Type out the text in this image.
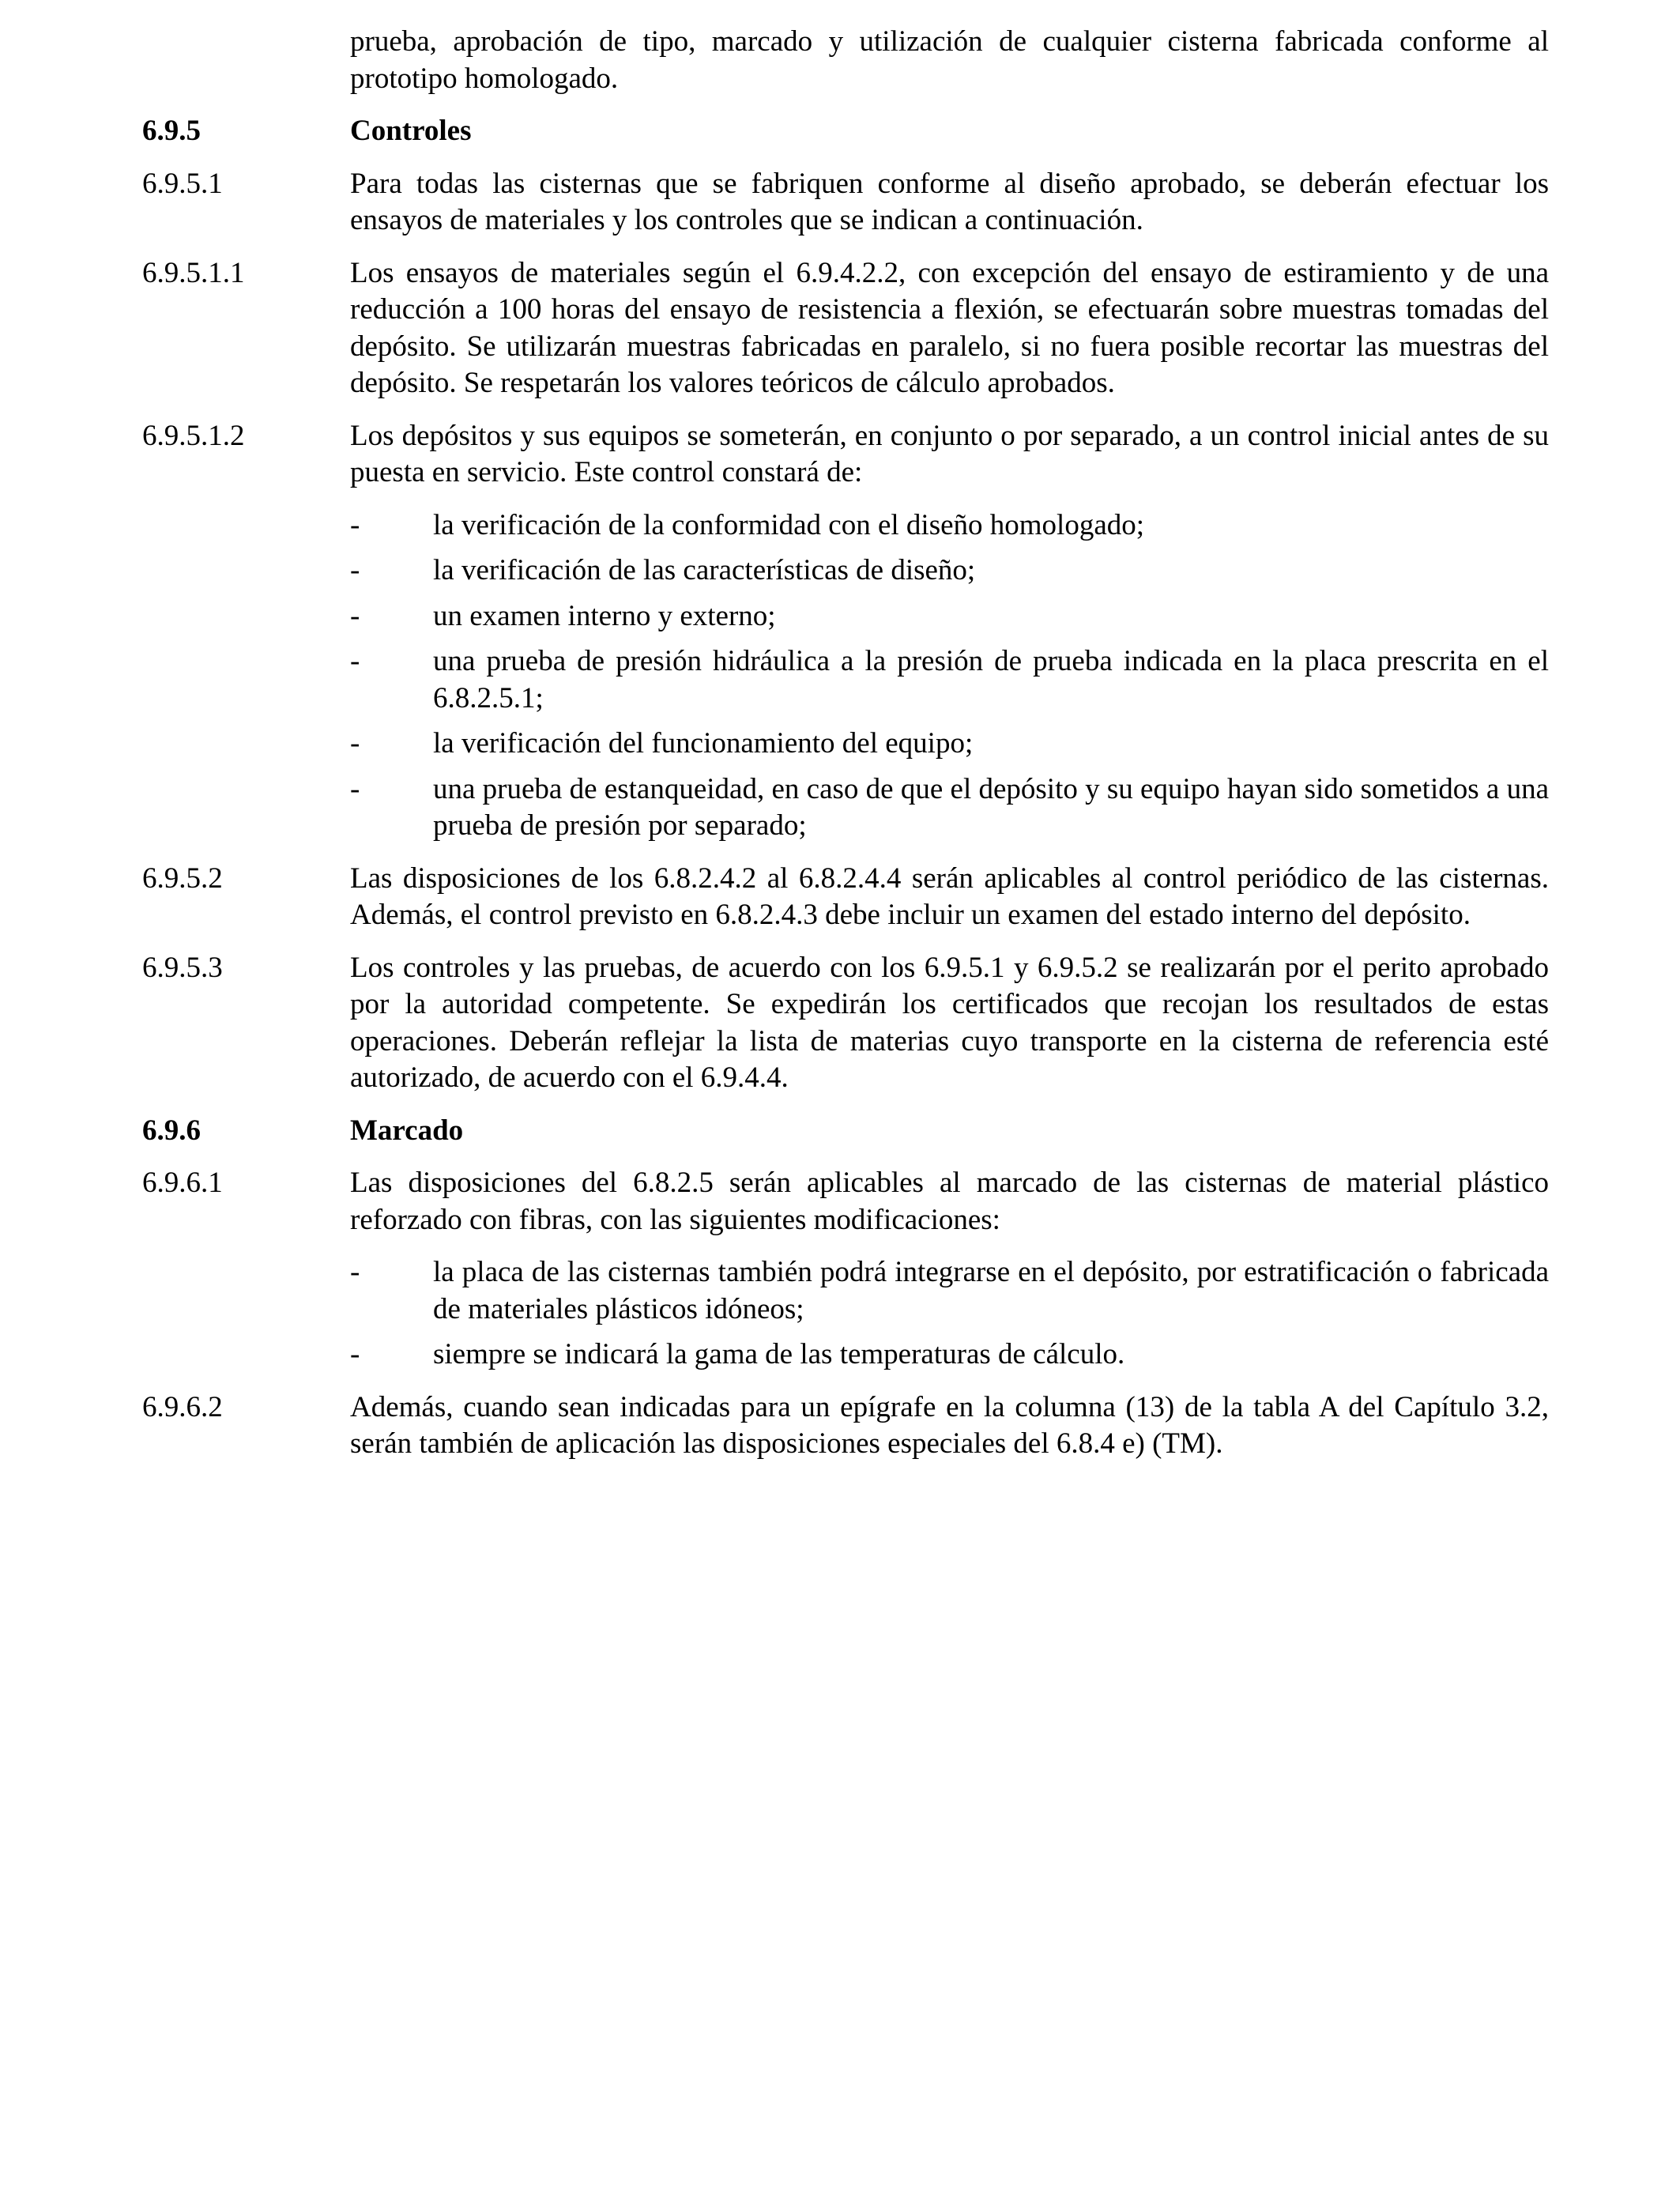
prueba, aprobación de tipo, marcado y utilización de cualquier cisterna fabricada conforme al prototipo homologado.
6.9.5	Controles
6.9.5.1	Para todas las cisternas que se fabriquen conforme al diseño aprobado, se deberán efectuar los ensayos de materiales y los controles que se indican a continuación.
6.9.5.1.1	Los ensayos de materiales según el 6.9.4.2.2, con excepción del ensayo de estiramiento y de una reducción a 100 horas del ensayo de resistencia a flexión, se efectuarán sobre muestras tomadas del depósito. Se utilizarán muestras fabricadas en paralelo, si no fuera posible recortar las muestras del depósito. Se respetarán los valores teóricos de cálculo aprobados.
6.9.5.1.2	Los depósitos y sus equipos se someterán, en conjunto o por separado, a un control inicial antes de su puesta en servicio. Este control constará de:
-	la verificación de la conformidad con el diseño homologado;
-	la verificación de las características de diseño;
-	un examen interno y externo;
-	una prueba de presión hidráulica a la presión de prueba indicada en la placa prescrita en el 6.8.2.5.1;
-	la verificación del funcionamiento del equipo;
-	una prueba de estanqueidad, en caso de que el depósito y su equipo hayan sido sometidos a una prueba de presión por separado;
6.9.5.2	Las disposiciones de los 6.8.2.4.2 al 6.8.2.4.4 serán aplicables al control periódico de las cisternas. Además, el control previsto en 6.8.2.4.3 debe incluir un examen del estado interno del depósito.
6.9.5.3	Los controles y las pruebas, de acuerdo con los 6.9.5.1 y 6.9.5.2 se realizarán por el perito aprobado por la autoridad competente. Se expedirán los certificados que recojan los resultados de estas operaciones. Deberán reflejar la lista de materias cuyo transporte en la cisterna de referencia esté autorizado, de acuerdo con el 6.9.4.4.
6.9.6	Marcado
6.9.6.1	Las disposiciones del 6.8.2.5 serán aplicables al marcado de las cisternas de material plástico reforzado con fibras, con las siguientes modificaciones:
-	la placa de las cisternas también podrá integrarse en el depósito, por estratificación o fabricada de materiales plásticos idóneos;
-	siempre se indicará la gama de las temperaturas de cálculo.
6.9.6.2	Además, cuando sean indicadas para un epígrafe en la columna (13) de la tabla A del Capítulo 3.2, serán también de aplicación las disposiciones especiales del 6.8.4 e) (TM).
